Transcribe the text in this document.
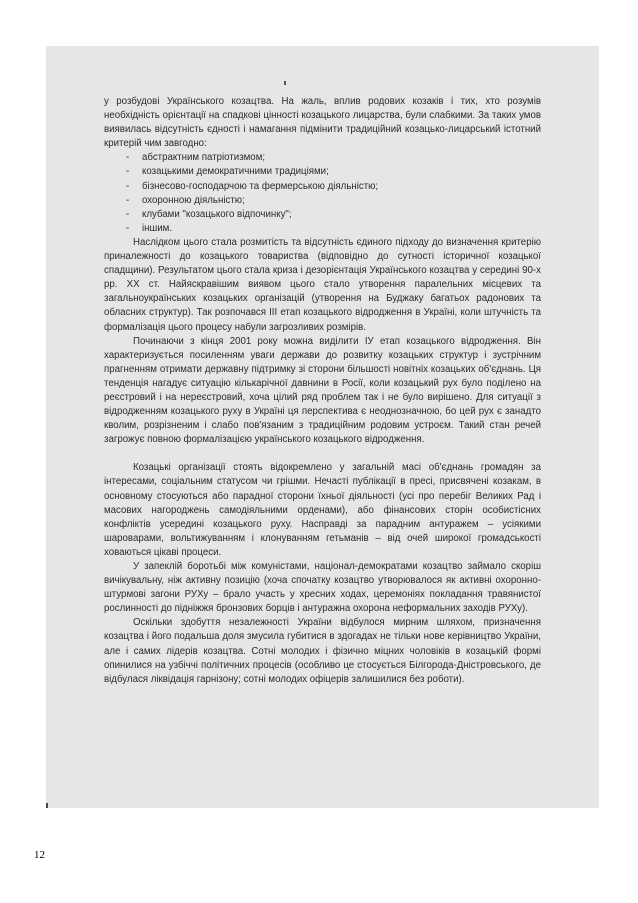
у розбудові Українського козацтва. На жаль, вплив родових козаків і тих, хто розумів необхідність орієнтації на спадкові цінності козацького лицарства, були слабкими. За таких умов виявилась відсутність єдності і намагання підмінити традиційний козацько-лицарський істотний критерій чим завгодно:

- абстрактним патріотизмом;
- козацькими демократичними традиціями;
- бізнесово-господарчою та фермерською діяльністю;
- охоронною діяльністю;
- клубами "козацького відпочинку";
- іншим.

Наслідком цього стала розмитість та відсутність єдиного підходу до визначення критерію приналежності до козацького товариства (відповідно до сутності історичної козацької спадщини). Результатом цього стала криза і дезорієнтація Українського козацтва у середині 90-х рр. ХХ ст. Найяскравішим виявом цього стало утворення паралельних місцевих та загальноукраїнських козацьких організацій (утворення на Буджаку багатьох радонових та обласних структур). Так розпочався III етап козацького відродження в Україні, коли штучність та формалізація цього процесу набули загрозливих розмірів.

Починаючи з кінця 2001 року можна виділити IУ етап козацького відродження. Він характеризується посиленням уваги держави до розвитку козацьких структур і зустрічним прагненням отримати державну підтримку зі сторони більшості новітніх козацьких об'єднань. Ця тенденція нагадує ситуацію кількарічної давнини в Росії, коли козацький рух було поділено на реєстровий і на нереєстровий, хоча цілий ряд проблем так і не було вирішено. Для ситуації з відродженням козацького руху в Україні ця перспектива є неоднозначною, бо цей рух є занадто кволим, розрізненим і слабо пов'язаним з традиційним родовим устроєм. Такий стан речей загрожує повною формалізацією українського козацького відродження.

Козацькі організації стоять відокремлено у загальній масі об'єднань громадян за інтересами, соціальним статусом чи грішми. Нечасті публікації в пресі, присвячені козакам, в основному стосуються або парадної сторони їхньої діяльності (усі про перебіг Великих Рад і масових нагороджень самодіяльними орденами), або фінансових сторін особистісних конфліктів усередині козацького руху. Насправді за парадним антуражем – усіякими шароварами, вольтижуванням і клонуванням гетьманів – від очей широкої громадськості ховаються цікаві процеси.

У запеклій боротьбі між комуністами, націонал-демократами козацтво займало скоріш вичікувальну, ніж активну позицію (хоча спочатку козацтво утворювалося як активні охоронно-штурмові загони РУХу – брало участь у хресних ходах, церемоніях покладання травянистої рослинності до підніжжя бронзових борців і антуражна охорона неформальних заходів РУХу).

Оскільки здобуття незалежності України відбулося мирним шляхом, призначення козацтва і його подальша доля змусила губитися в здогадах не тільки нове керівництво України, але і самих лідерів козацтва. Сотні молодих і фізично міцних чоловіків в козацькій формі опинилися на узбіччі політичних процесів (особливо це стосується Білгорода-Дністровського, де відбулася ліквідація гарнізону; сотні молодих офіцерів залишилися без роботи).

12
